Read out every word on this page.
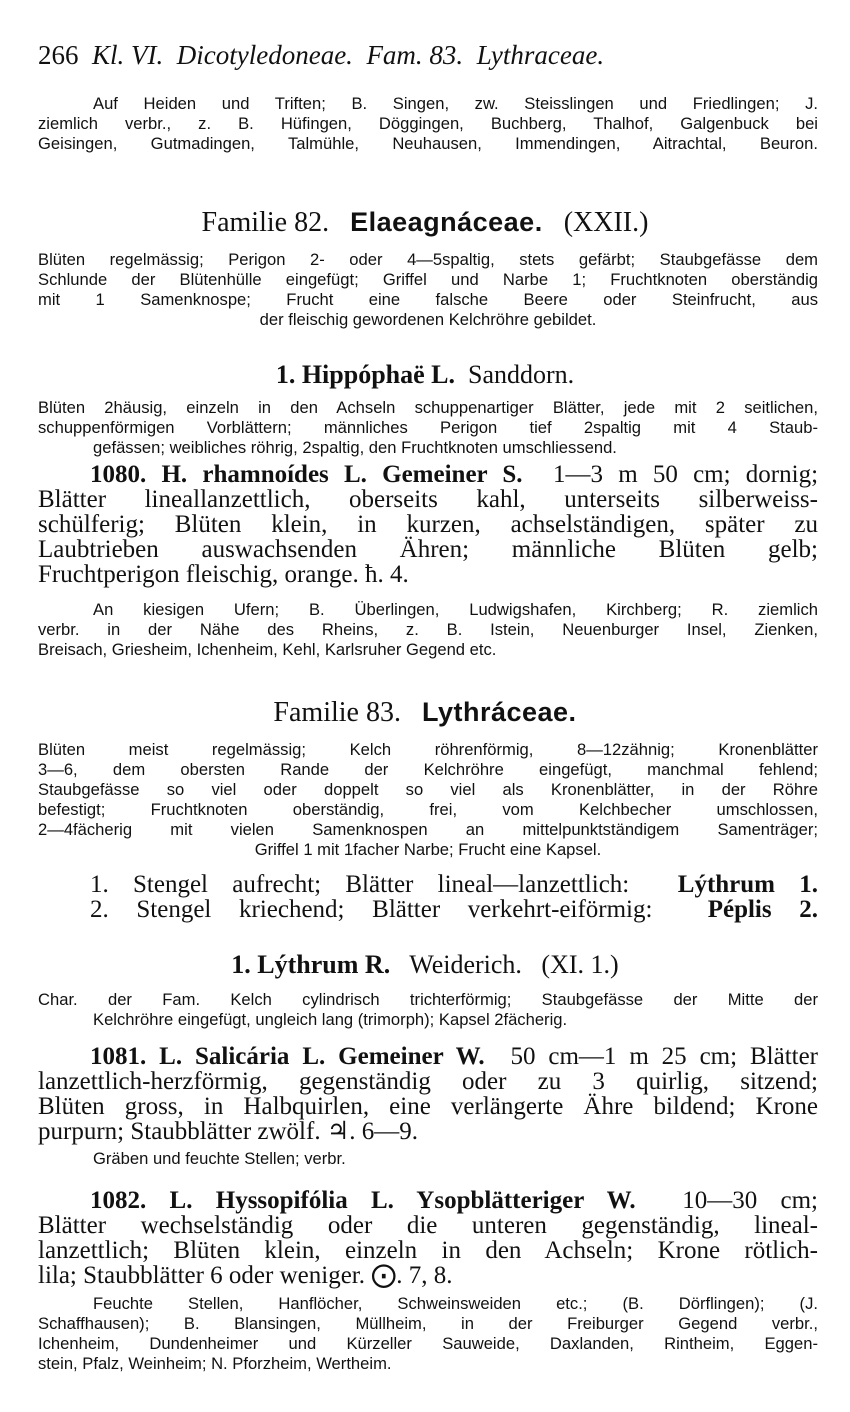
266 Kl. VI. Dicotyledoneae. Fam. 83. Lythraceae.
Auf Heiden und Triften; B. Singen, zw. Steisslingen und Friedlingen; J.
ziemlich verbr., z. B. Hüfingen, Döggingen, Buchberg, Thalhof, Galgenbuck bei
Geisingen, Gutmadingen, Talmühle, Neuhausen, Immendingen, Aitrachtal, Beuron.
Familie 82. Elaeagnáceae. (XXII.)
Blüten regelmässig; Perigon 2- oder 4—5spaltig, stets gefärbt; Staubgefässe dem
Schlunde der Blütenhülle eingefügt; Griffel und Narbe 1; Fruchtknoten oberständig
mit 1 Samenknospe; Frucht eine falsche Beere oder Steinfrucht, aus
der fleischig gewordenen Kelchröhre gebildet.
1. Hippóphaë L. Sanddorn.
Blüten 2häusig, einzeln in den Achseln schuppenartiger Blätter, jede mit 2 seitlichen,
schuppenförmigen Vorblättern; männliches Perigon tief 2spaltig mit 4 Staub-
gefässen; weibliches röhrig, 2spaltig, den Fruchtknoten umschliessend.
1080. H. rhamnoídes L. Gemeiner S. 1—3 m 50 cm; dornig;
Blätter lineallanzettlich, oberseits kahl, unterseits silberweiss-
schülferig; Blüten klein, in kurzen, achselständigen, später zu
Laubtrieben auswachsenden Ähren; männliche Blüten gelb;
Fruchtperigon fleischig, orange. ħ. 4.
An kiesigen Ufern; B. Überlingen, Ludwigshafen, Kirchberg; R. ziemlich
verbr. in der Nähe des Rheins, z. B. Istein, Neuenburger Insel, Zienken,
Breisach, Griesheim, Ichenheim, Kehl, Karlsruher Gegend etc.
Familie 83. Lythráceae.
Blüten meist regelmässig; Kelch röhrenförmig, 8—12zähnig; Kronenblätter
3—6, dem obersten Rande der Kelchröhre eingefügt, manchmal fehlend;
Staubgefässe so viel oder doppelt so viel als Kronenblätter, in der Röhre
befestigt; Fruchtknoten oberständig, frei, vom Kelchbecher umschlossen,
2—4fächerig mit vielen Samenknospen an mittelpunktständigem Samenträger;
Griffel 1 mit 1facher Narbe; Frucht eine Kapsel.
1. Stengel aufrecht; Blätter lineal—lanzettlich: Lýthrum 1.
2. Stengel kriechend; Blätter verkehrt-eiförmig: Péplis 2.
1. Lýthrum R. Weiderich. (XI. 1.)
Char. der Fam. Kelch cylindrisch trichterförmig; Staubgefässe der Mitte der
Kelchröhre eingefügt, ungleich lang (trimorph); Kapsel 2fächerig.
1081. L. Salicária L. Gemeiner W. 50 cm—1 m 25 cm; Blätter
lanzettlich-herzförmig, gegenständig oder zu 3 quirlig, sitzend;
Blüten gross, in Halbquirlen, eine verlängerte Ähre bildend; Krone
purpurn; Staubblätter zwölf. ♃. 6—9.
Gräben und feuchte Stellen; verbr.
1082. L. Hyssopifólia L. Ysopblätteriger W. 10—30 cm;
Blätter wechselständig oder die unteren gegenständig, lineal-
lanzettlich; Blüten klein, einzeln in den Achseln; Krone rötlich-
lila; Staubblätter 6 oder weniger. ⨀. 7, 8.
Feuchte Stellen, Hanflöcher, Schweinsweiden etc.; (B. Dörflingen); (J.
Schaffhausen); B. Blansingen, Müllheim, in der Freiburger Gegend verbr.,
Ichenheim, Dundenheimer und Kürzeller Sauweide, Daxlanden, Rintheim, Eggen-
stein, Pfalz, Weinheim; N. Pforzheim, Wertheim.
